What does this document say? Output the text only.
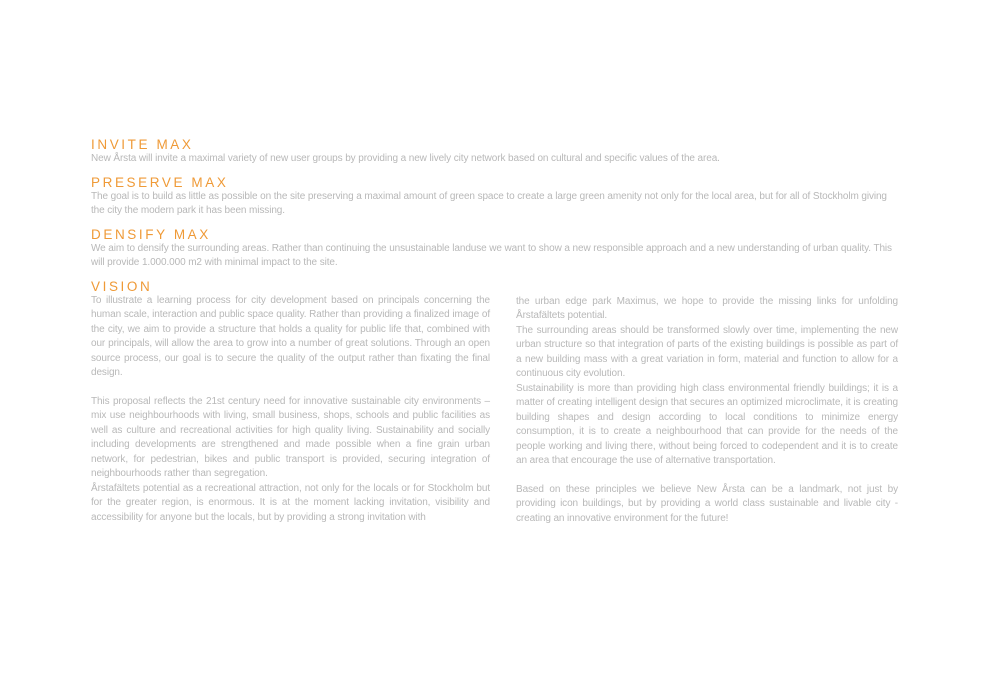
INVITE MAX

New Årsta will invite a maximal variety of new user groups by providing a new lively city network based on cultural and specific values of the area.

PRESERVE MAX

The goal is to build as little as possible on the site preserving a maximal amount of green space to create a large green amenity not only for the local area, but for all of Stockholm giving the city the modern park it has been missing.

DENSIFY MAX

We aim to densify the surrounding areas. Rather than continuing the unsustainable landuse we want to show a new responsible approach and a new understanding of urban quality. This will provide 1.000.000 m2 with minimal impact to the site.

VISION

To illustrate a learning process for city development based on principals concerning the human scale, interaction and public space quality. Rather than providing a finalized image of the city, we aim to provide a structure that holds a quality for public life that, combined with our principals, will allow the area to grow into a number of great solutions. Through an open source process, our goal is to secure the quality of the output rather than fixating the final design.

This proposal reflects the 21st century need for innovative sustainable city environments – mix use neighbourhoods with living, small business, shops, schools and public facilities as well as culture and recreational activities for high quality living. Sustainability and socially including developments are strengthened and made possible when a fine grain urban network, for pedestrian, bikes and public transport is provided, securing integration of neighbourhoods rather than segregation.

Årstafältets potential as a recreational attraction, not only for the locals or for Stockholm but for the greater region, is enormous. It is at the moment lacking invitation, visibility and accessibility for anyone but the locals, but by providing a strong invitation with

the urban edge park Maximus, we hope to provide the missing links for unfolding Årstafältets potential.

The surrounding areas should be transformed slowly over time, implementing the new urban structure so that integration of parts of the existing buildings is possible as part of a new building mass with a great variation in form, material and function to allow for a continuous city evolution.

Sustainability is more than providing high class environmental friendly buildings; it is a matter of creating intelligent design that secures an optimized microclimate, it is creating building shapes and design according to local conditions to minimize energy consumption, it is to create a neighbourhood that can provide for the needs of the people working and living there, without being forced to codependent and it is to create an area that encourage the use of alternative transportation.

Based on these principles we believe New Årsta can be a landmark, not just by providing icon buildings, but by providing a world class sustainable and livable city - creating an innovative environment for the future!
